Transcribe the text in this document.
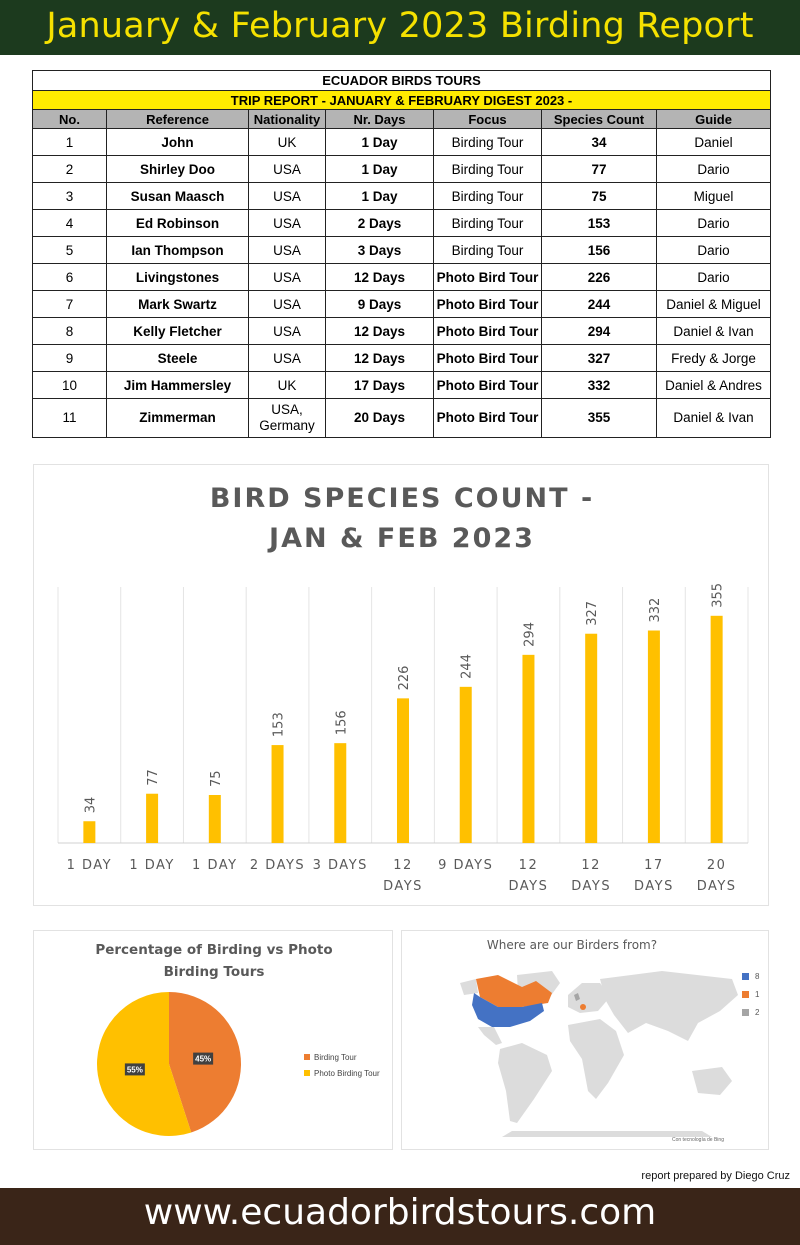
January & February 2023 Birding Report
ECUADOR BIRDS TOURS						
TRIP REPORT - JANUARY & FEBRUARY DIGEST 2023 -						
No.	Reference	Nationality	Nr. Days	Focus	Species Count	Guide
1	John	UK	1 Day	Birding Tour	34	Daniel
2	Shirley Doo	USA	1 Day	Birding Tour	77	Dario
3	Susan Maasch	USA	1 Day	Birding Tour	75	Miguel
4	Ed Robinson	USA	2 Days	Birding Tour	153	Dario
5	Ian Thompson	USA	3 Days	Birding Tour	156	Dario
6	Livingstones	USA	12 Days	Photo Bird Tour	226	Dario
7	Mark Swartz	USA	9 Days	Photo Bird Tour	244	Daniel & Miguel
8	Kelly Fletcher	USA	12 Days	Photo Bird Tour	294	Daniel & Ivan
9	Steele	USA	12 Days	Photo Bird Tour	327	Fredy & Jorge
10	Jim Hammersley	UK	17 Days	Photo Bird Tour	332	Daniel & Andres
11	Zimmerman	USA, Germany	20 Days	Photo Bird Tour	355	Daniel & Ivan
34
1 DAY
77
1 DAY
75
1 DAY
153
2 DAYS
156
3 DAYS
226
12
DAYS
244
9 DAYS
294
12
DAYS
327
12
DAYS
332
17
DAYS
355
20
DAYS
BIRD SPECIES COUNT -
JAN & FEB 2023
Percentage of Birding vs Photo Birding Tours
45%
55%
Birding Tour
Photo Birding Tour
Where are our Birders from?
8
1
2
Con tecnología de Bing
report prepared by Diego Cruz
www.ecuadorbirdstours.com
